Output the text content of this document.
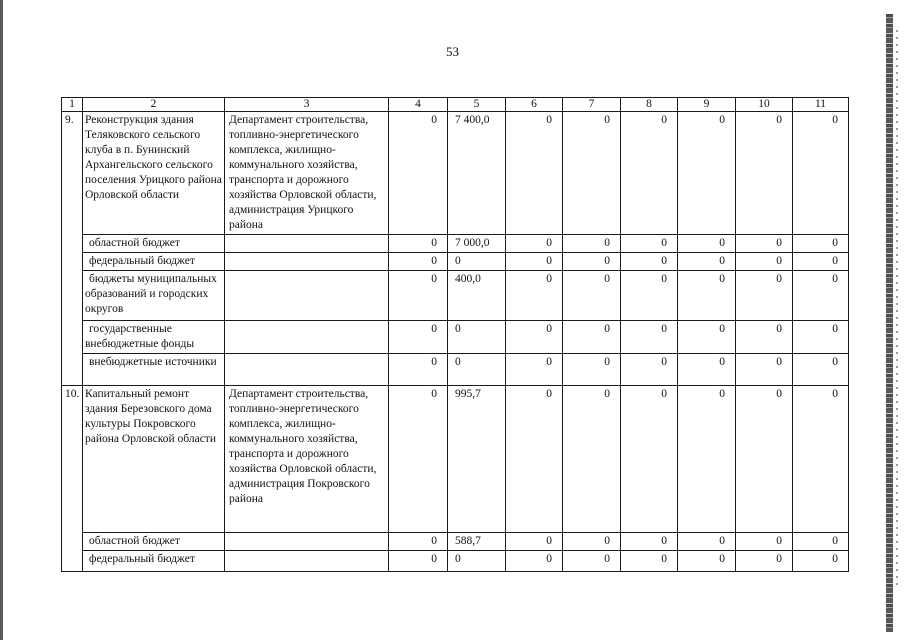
53
1	2	3	4	5	6	7	8	9	10	11
9.	Реконструкция здания Теляковского сельского клуба в п. Бунинский Архангельского сельского поселения Урицкого района Орловской области	Департамент строительства, топливно-энергетического комплекса, жилищно-коммунального хозяйства, транспорта и дорожного хозяйства Орловской области, администрация Урицкого района	0	7 400,0	0	0	0	0	0	0
	областной бюджет		0	7 000,0	0	0	0	0	0	0
	федеральный бюджет		0	0	0	0	0	0	0	0
	бюджеты муниципальных образований и городских округов		0	400,0	0	0	0	0	0	0
	государственные внебюджетные фонды		0	0	0	0	0	0	0	0
	внебюджетные источники		0	0	0	0	0	0	0	0
10.	Капитальный ремонт здания Березовского дома культуры Покровского района Орловской области	Департамент строительства, топливно-энергетического комплекса, жилищно-коммунального хозяйства, транспорта и дорожного хозяйства Орловской области, администрация Покровского района	0	995,7	0	0	0	0	0	0
	областной бюджет		0	588,7	0	0	0	0	0	0
	федеральный бюджет		0	0	0	0	0	0	0	0
